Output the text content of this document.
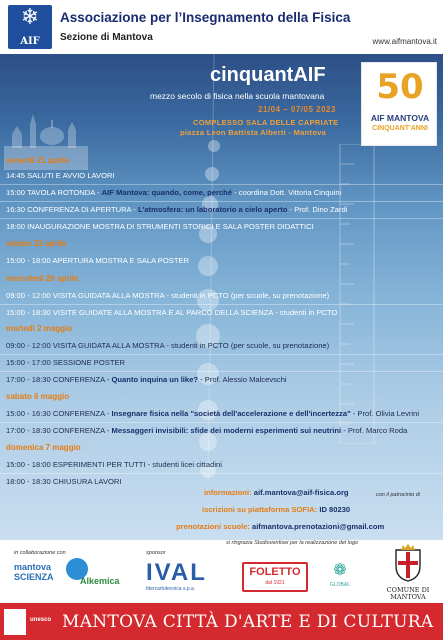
❄
AIF
Associazione per l’Insegnamento della Fisica
Sezione di Mantova	www.aifmantova.it
cinquantAIF
mezzo secolo di fisica nella scuola mantovana
21/04 – 07/05 2023
COMPLESSO SALA DELLE CAPRIATE
piazza Leon Battista Alberti - Mantova
50
AIF MANTOVA
CINQUANT'ANNI
venerdì 21 aprile
14:45 SALUTI E AVVIO LAVORI
15:00 TAVOLA ROTONDA - AIF Mantova: quando, come, perché - coordina Dott. Vittoria Cinquini
16:30 CONFERENZA DI APERTURA - L'atmosfera: un laboratorio a cielo aperto - Prof. Dino Zardi
18:00 INAUGURAZIONE MOSTRA DI STRUMENTI STORICI E SALA POSTER DIDATTICI
sabato 22 aprile
15:00 - 18:00 APERTURA MOSTRA E SALA POSTER
mercoledì 26 aprile
09:00 - 12:00 VISITA GUIDATA ALLA MOSTRA - studenti in PCTO (per scuole, su prenotazione)
15:00 - 18:30 VISITE GUIDATE ALLA MOSTRA E AL PARCO DELLA SCIENZA - studenti in PCTO
martedì 2 maggio
09:00 - 12:00 VISITA GUIDATA ALLA MOSTRA - studenti in PCTO (per scuole, su prenotazione)
15:00 - 17:00 SESSIONE POSTER
17:00 - 18:30 CONFERENZA - Quanto inquina un like? - Prof. Alessio Malcevschi
sabato 6 maggio
15:00 - 16:30 CONFERENZA - Insegnare fisica nella "società dell'accelerazione e dell'incertezza" - Prof. Olivia Levrini
17:00 - 18:30 CONFERENZA - Messaggeri invisibili: sfide dei moderni esperimenti sui neutrini - Prof. Marco Roda
domenica 7 maggio
15:00 - 18:00 ESPERIMENTI PER TUTTI - studenti licei cittadini
18:00 - 18:30 CHIUSURA LAVORI
informazioni: aif.mantova@aif-fisica.org
iscrizioni su piattaforma SOFIA: ID 80230
prenotazioni scuole: aifmantova.prenotazioni@gmail.com
con il patrocinio di
si ringrazia Studioventisei per la realizzazione del logo
in collaborazione con	sponsor
mantova SCIENZA	Alkemica	IVAL
Ittercartotecnica s.p.a.
FOLETTO
dal 1921
❁
GLOBAL
COMUNE DI MANTOVA
unesco MANTOVA CITTÀ D'ARTE E DI CULTURA
